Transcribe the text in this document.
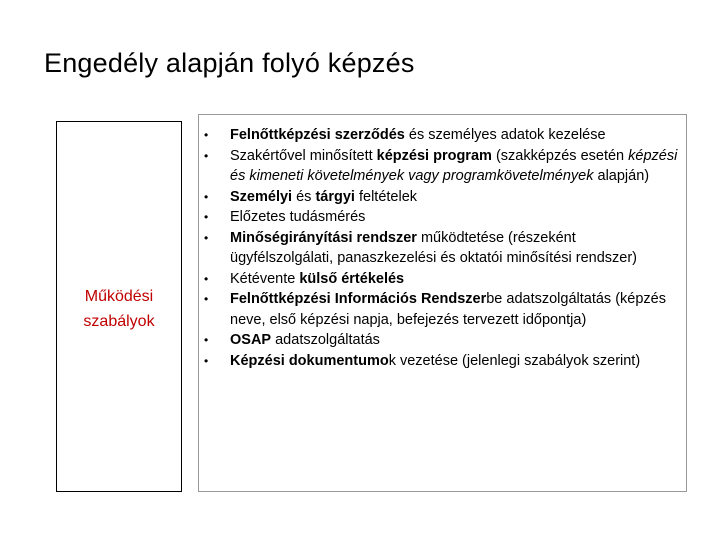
Engedély alapján folyó képzés
Működési
szabályok
• Felnőttképzési szerződés és személyes adatok kezelése
• Szakértővel minősített képzési program (szakképzés esetén képzési és kimeneti követelmények vagy programkövetelmények alapján)
• Személyi és tárgyi feltételek
• Előzetes tudásmérés
• Minőségirányítási rendszer működtetése (részeként ügyfélszolgálati, panaszkezelési és oktatói minősítési rendszer)
• Kétévente külső értékelés
• Felnőttképzési Információs Rendszerbe adatszolgáltatás (képzés neve, első képzési napja, befejezés tervezett időpontja)
• OSAP adatszolgáltatás
• Képzési dokumentumok vezetése (jelenlegi szabályok szerint)
